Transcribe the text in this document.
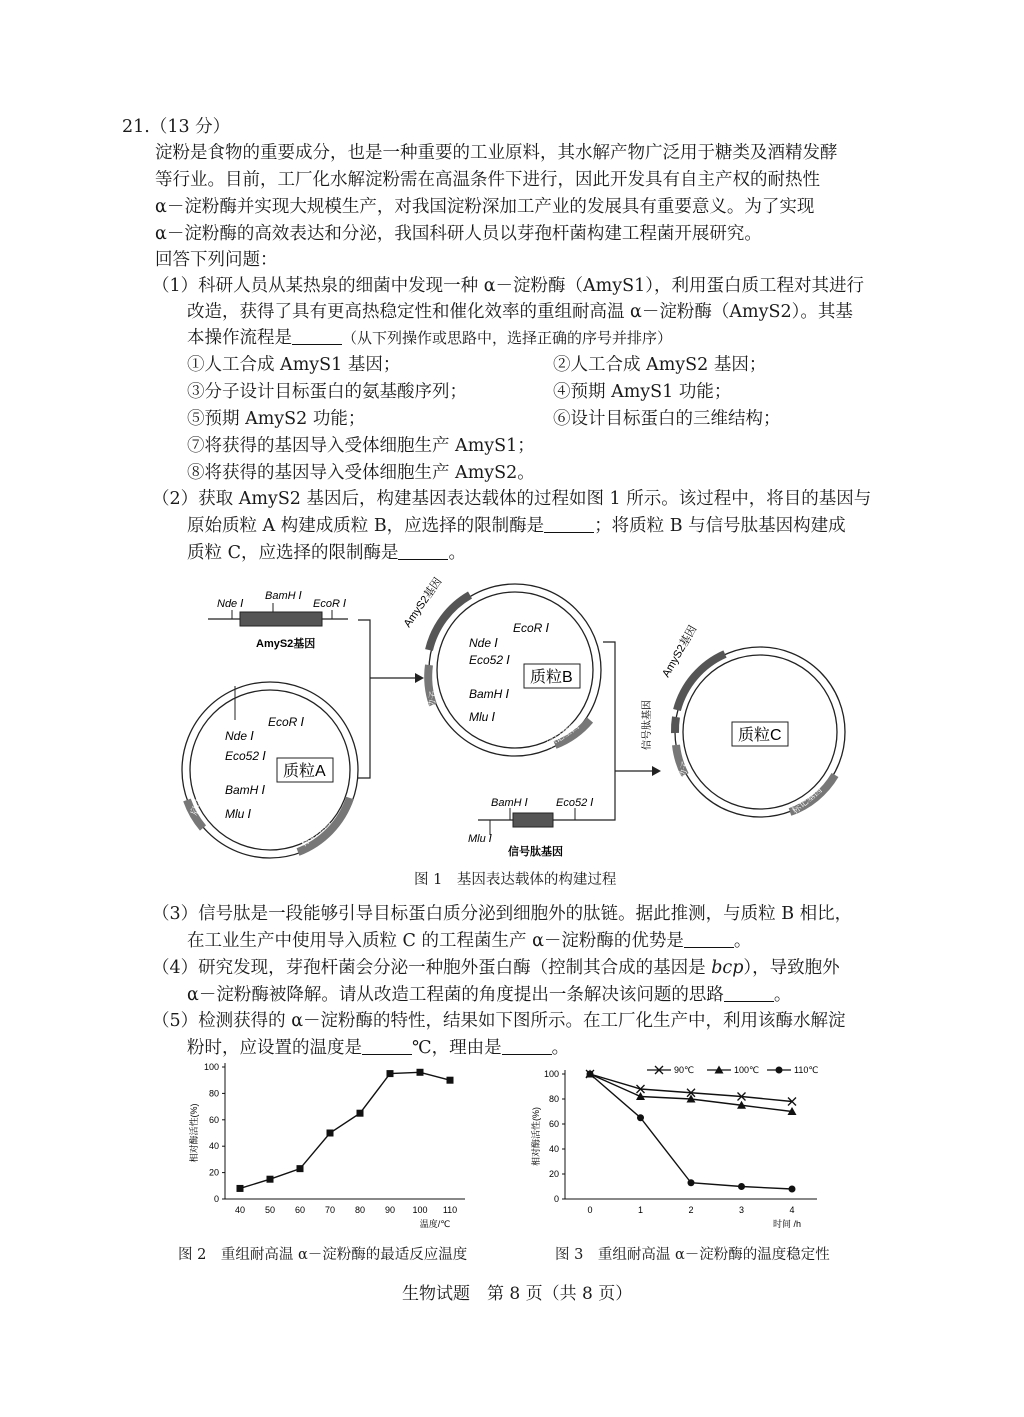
21.（13 分）
淀粉是食物的重要成分，也是一种重要的工业原料，其水解产物广泛用于糖类及酒精发酵
等行业。目前，工厂化水解淀粉需在高温条件下进行，因此开发具有自主产权的耐热性
α－淀粉酶并实现大规模生产，对我国淀粉深加工产业的发展具有重要意义。为了实现
α－淀粉酶的高效表达和分泌，我国科研人员以芽孢杆菌构建工程菌开展研究。
回答下列问题：
（1）科研人员从某热泉的细菌中发现一种 α－淀粉酶（AmyS1），利用蛋白质工程对其进行
改造，获得了具有更高热稳定性和催化效率的重组耐高温 α－淀粉酶（AmyS2）。其基
本操作流程是	（从下列操作或思路中，选择正确的序号并排序）
①人工合成 AmyS1 基因；	②人工合成 AmyS2 基因；
③分子设计目标蛋白的氨基酸序列；	④预期 AmyS1 功能；
⑤预期 AmyS2 功能；	⑥设计目标蛋白的三维结构；
⑦将获得的基因导入受体细胞生产 AmyS1；
⑧将获得的基因导入受体细胞生产 AmyS2。
（2）获取 AmyS2 基因后，构建基因表达载体的过程如图 1 所示。该过程中，将目的基因与
原始质粒 A 构建成质粒 B，应选择的限制酶是	；将质粒 B 与信号肽基因构建成
质粒 C，应选择的限制酶是	。
Nde Ⅰ
BamH Ⅰ
EcoR Ⅰ
AmyS2基因
启动子
标记基因
EcoR Ⅰ
Nde Ⅰ
Eco52 Ⅰ
BamH Ⅰ
Mlu Ⅰ
质粒A
AmyS2基因
启动子
标记基因
EcoR Ⅰ
Nde Ⅰ
Eco52 Ⅰ
BamH Ⅰ
Mlu Ⅰ
质粒B
BamH Ⅰ	Eco52 Ⅰ
Mlu Ⅰ
信号肽基因
AmyS2基因
信号肽基因
启动子
标记基因
质粒C
图 1　基因表达载体的构建过程
（3）信号肽是一段能够引导目标蛋白质分泌到细胞外的肽链。据此推测，与质粒 B 相比，
在工业生产中使用导入质粒 C 的工程菌生产 α－淀粉酶的优势是	。
（4）研究发现，芽孢杆菌会分泌一种胞外蛋白酶（控制其合成的基因是 bcp），导致胞外
α－淀粉酶被降解。请从改造工程菌的角度提出一条解决该问题的思路	。
（5）检测获得的 α－淀粉酶的特性，结果如下图所示。在工厂化生产中，利用该酶水解淀
粉时，应设置的温度是	℃，理由是	。
0
20
40
60
80
100
40 50 60 70 80 90 100 110
温度/℃
相对酶活性(%)
0
20
40
60
80
100
0	1	2	3	4
时间 /h
相对酶活性(%)
90℃	100℃	110℃
图 2　重组耐高温 α－淀粉酶的最适反应温度	图 3　重组耐高温 α－淀粉酶的温度稳定性
生物试题　第 8 页（共 8 页）
